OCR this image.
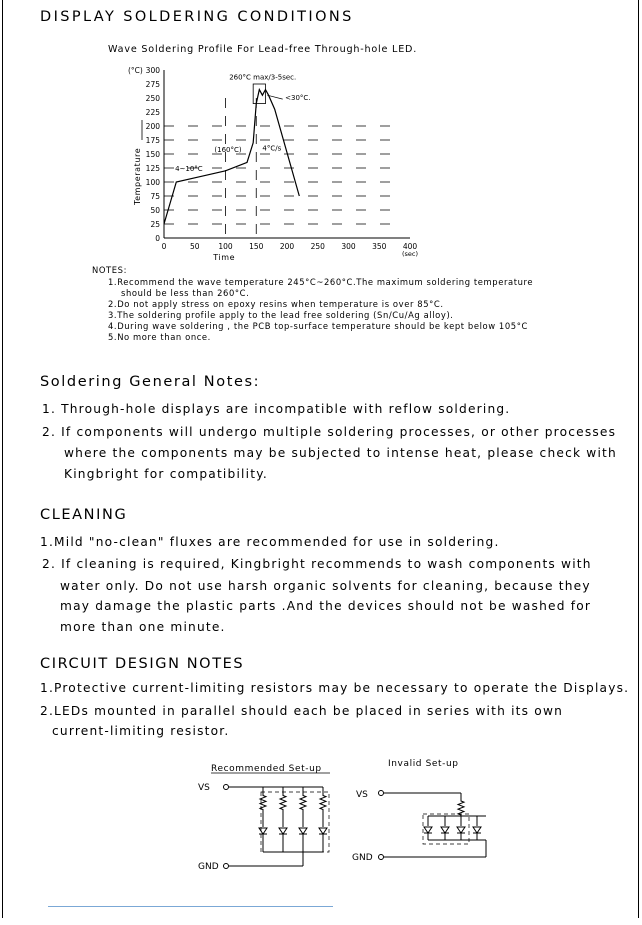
DISPLAY SOLDERING CONDITIONS
Wave Soldering Profile For Lead-free Through-hole LED.
0
25
50
75
100
125
150
175
200
225
250
275
300
0	50	100 150 200 250 300 350 400
Time	(sec)
Temperature
(°C)
260°C max/3-5sec.
<30°C.
(160°C)	4°C/s
4~10°C
NOTES:
1.Recommend the wave temperature 245°C~260°C.The maximum soldering temperature
should be less than 260°C.
2.Do not apply stress on epoxy resins when temperature is over 85°C.
3.The soldering profile apply to the lead free soldering (Sn/Cu/Ag alloy).
4.During wave soldering , the PCB top-surface temperature should be kept below 105°C
5.No more than once.
Soldering General Notes:
1. Through-hole displays are incompatible with reflow soldering.
2. If components will undergo multiple soldering processes, or other processes
where the components may be subjected to intense heat, please check with
Kingbright for compatibility.
CLEANING
1.Mild "no-clean" fluxes are recommended for use in soldering.
2. If cleaning is required, Kingbright recommends to wash components with
water only. Do not use harsh organic solvents for cleaning, because they
may damage the plastic parts .And the devices should not be washed for
more than one minute.
CIRCUIT DESIGN NOTES
1.Protective current-limiting resistors may be necessary to operate the Displays.
2.LEDs mounted in parallel should each be placed in series with its own
current-limiting resistor.
Recommended Set-up
VS
GND
Invalid Set-up
VS
GND
